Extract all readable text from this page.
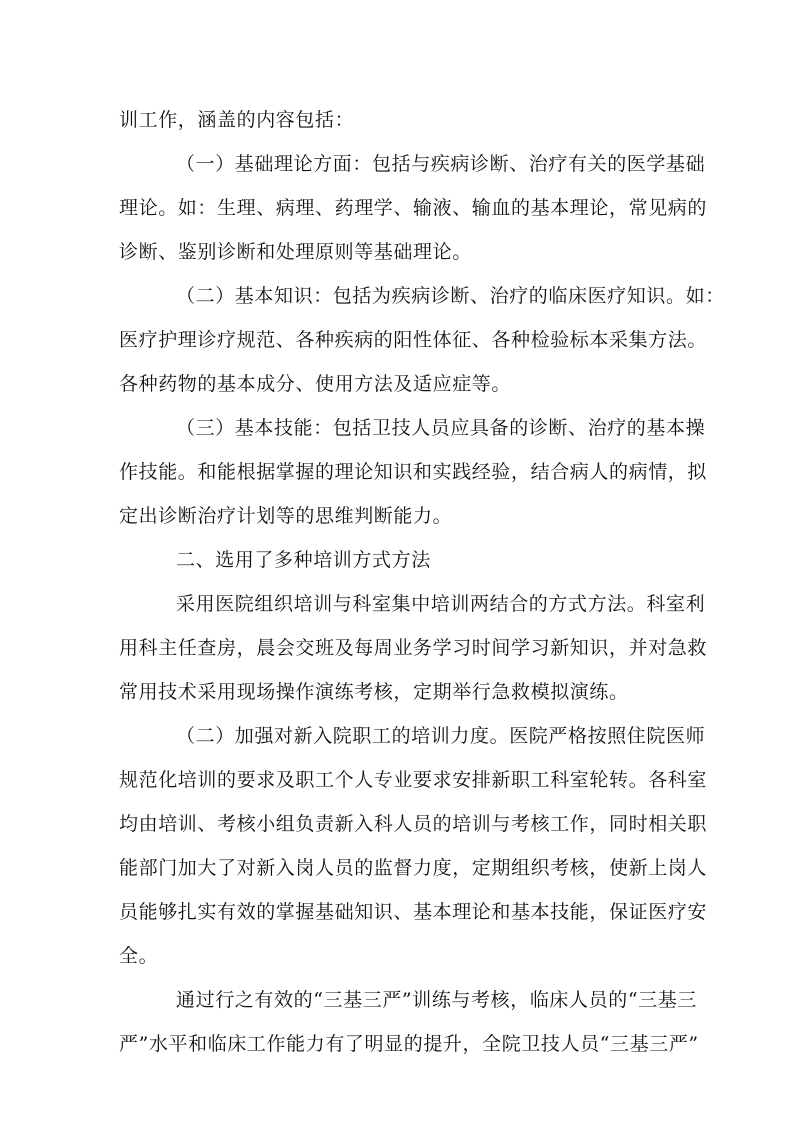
训工作，涵盖的内容包括：
（一）基础理论方面：包括与疾病诊断、治疗有关的医学基础
理论。如：生理、病理、药理学、输液、输血的基本理论，常见病的
诊断、鉴别诊断和处理原则等基础理论。
（二）基本知识：包括为疾病诊断、治疗的临床医疗知识。如：
医疗护理诊疗规范、各种疾病的阳性体征、各种检验标本采集方法。
各种药物的基本成分、使用方法及适应症等。
（三）基本技能：包括卫技人员应具备的诊断、治疗的基本操
作技能。和能根据掌握的理论知识和实践经验，结合病人的病情，拟
定出诊断治疗计划等的思维判断能力。
二、选用了多种培训方式方法
采用医院组织培训与科室集中培训两结合的方式方法。科室利
用科主任查房，晨会交班及每周业务学习时间学习新知识，并对急救
常用技术采用现场操作演练考核，定期举行急救模拟演练。
（二）加强对新入院职工的培训力度。医院严格按照住院医师
规范化培训的要求及职工个人专业要求安排新职工科室轮转。各科室
均由培训、考核小组负责新入科人员的培训与考核工作，同时相关职
能部门加大了对新入岗人员的监督力度，定期组织考核，使新上岗人
员能够扎实有效的掌握基础知识、基本理论和基本技能，保证医疗安
全。
通过行之有效的“三基三严”训练与考核，临床人员的“三基三
严”水平和临床工作能力有了明显的提升，全院卫技人员“三基三严”
